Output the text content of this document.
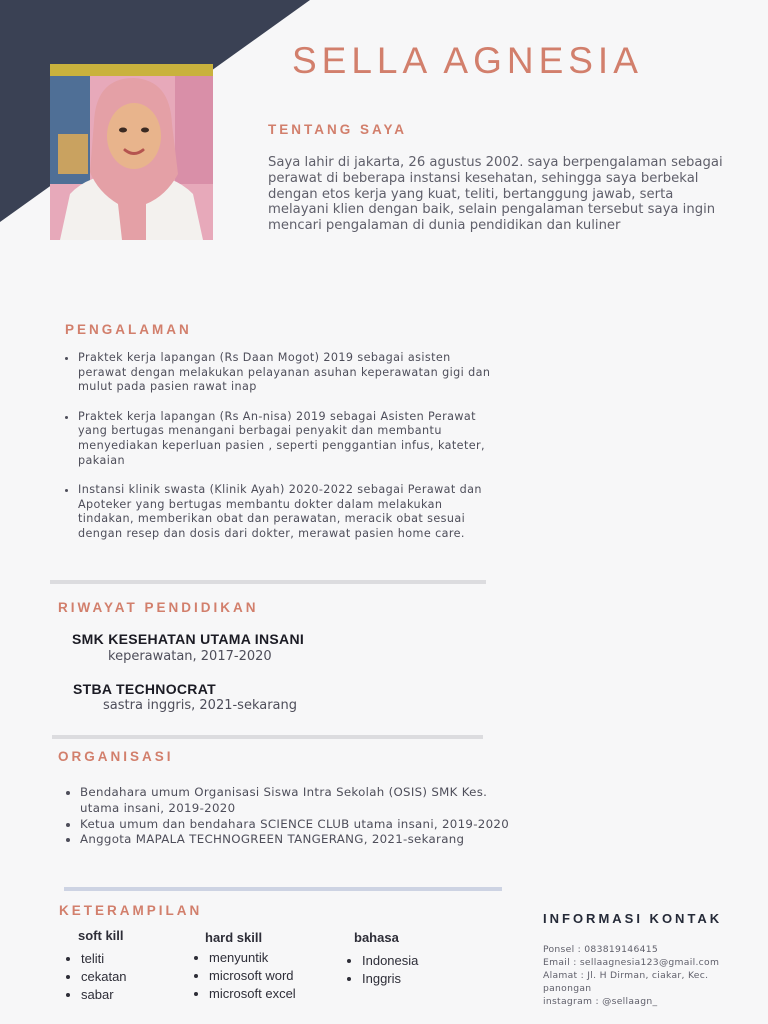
SELLA AGNESIA
TENTANG SAYA

Saya lahir di jakarta, 26 agustus 2002. saya berpengalaman sebagai perawat di beberapa instansi kesehatan, sehingga saya berbekal dengan etos kerja yang kuat, teliti, bertanggung jawab, serta melayani klien dengan baik, selain pengalaman tersebut saya ingin mencari pengalaman di dunia pendidikan dan kuliner

PENGALAMAN
• Praktek kerja lapangan (Rs Daan Mogot) 2019 sebagai asisten perawat dengan melakukan pelayanan asuhan keperawatan gigi dan mulut pada pasien rawat inap
• Praktek kerja lapangan (Rs An-nisa) 2019 sebagai Asisten Perawat yang bertugas menangani berbagai penyakit dan membantu menyediakan keperluan pasien , seperti penggantian infus, kateter, pakaian
• Instansi klinik swasta (Klinik Ayah) 2020-2022 sebagai Perawat dan Apoteker yang bertugas membantu dokter dalam melakukan tindakan, memberikan obat dan perawatan, meracik obat sesuai dengan resep dan dosis dari dokter, merawat pasien home care.
RIWAYAT PENDIDIKAN

SMK KESEHATAN UTAMA INSANI

keperawatan, 2017-2020

STBA TECHNOCRAT

sastra inggris, 2021-sekarang

ORGANISASI
• Bendahara umum Organisasi Siswa Intra Sekolah (OSIS) SMK Kes. utama insani, 2019-2020
• Ketua umum dan bendahara SCIENCE CLUB utama insani, 2019-2020
• Anggota MAPALA TECHNOGREEN TANGERANG, 2021-sekarang
KETERAMPILAN

soft kill

• teliti
• cekatan
• sabar

hard skill

• menyuntik
• microsoft word
• microsoft excel

bahasa

• Indonesia
• Inggris
INFORMASI KONTAK

Ponsel : 083819146415

Email : sellaagnesia123@gmail.com

Alamat : Jl. H Dirman, ciakar, Kec. panongan

instagram : @sellaagn_
